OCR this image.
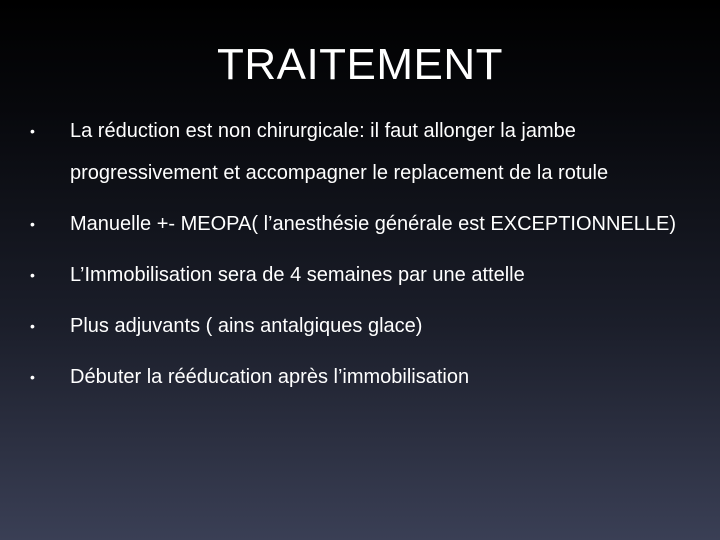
TRAITEMENT
•	La réduction est non chirurgicale: il faut allonger la jambe progressivement et accompagner le replacement de la rotule
•	Manuelle +- MEOPA( l’anesthésie générale est EXCEPTIONNELLE)
•	L’Immobilisation sera de 4 semaines par une attelle
•	Plus adjuvants ( ains antalgiques glace)
•	Débuter la rééducation après l’immobilisation
